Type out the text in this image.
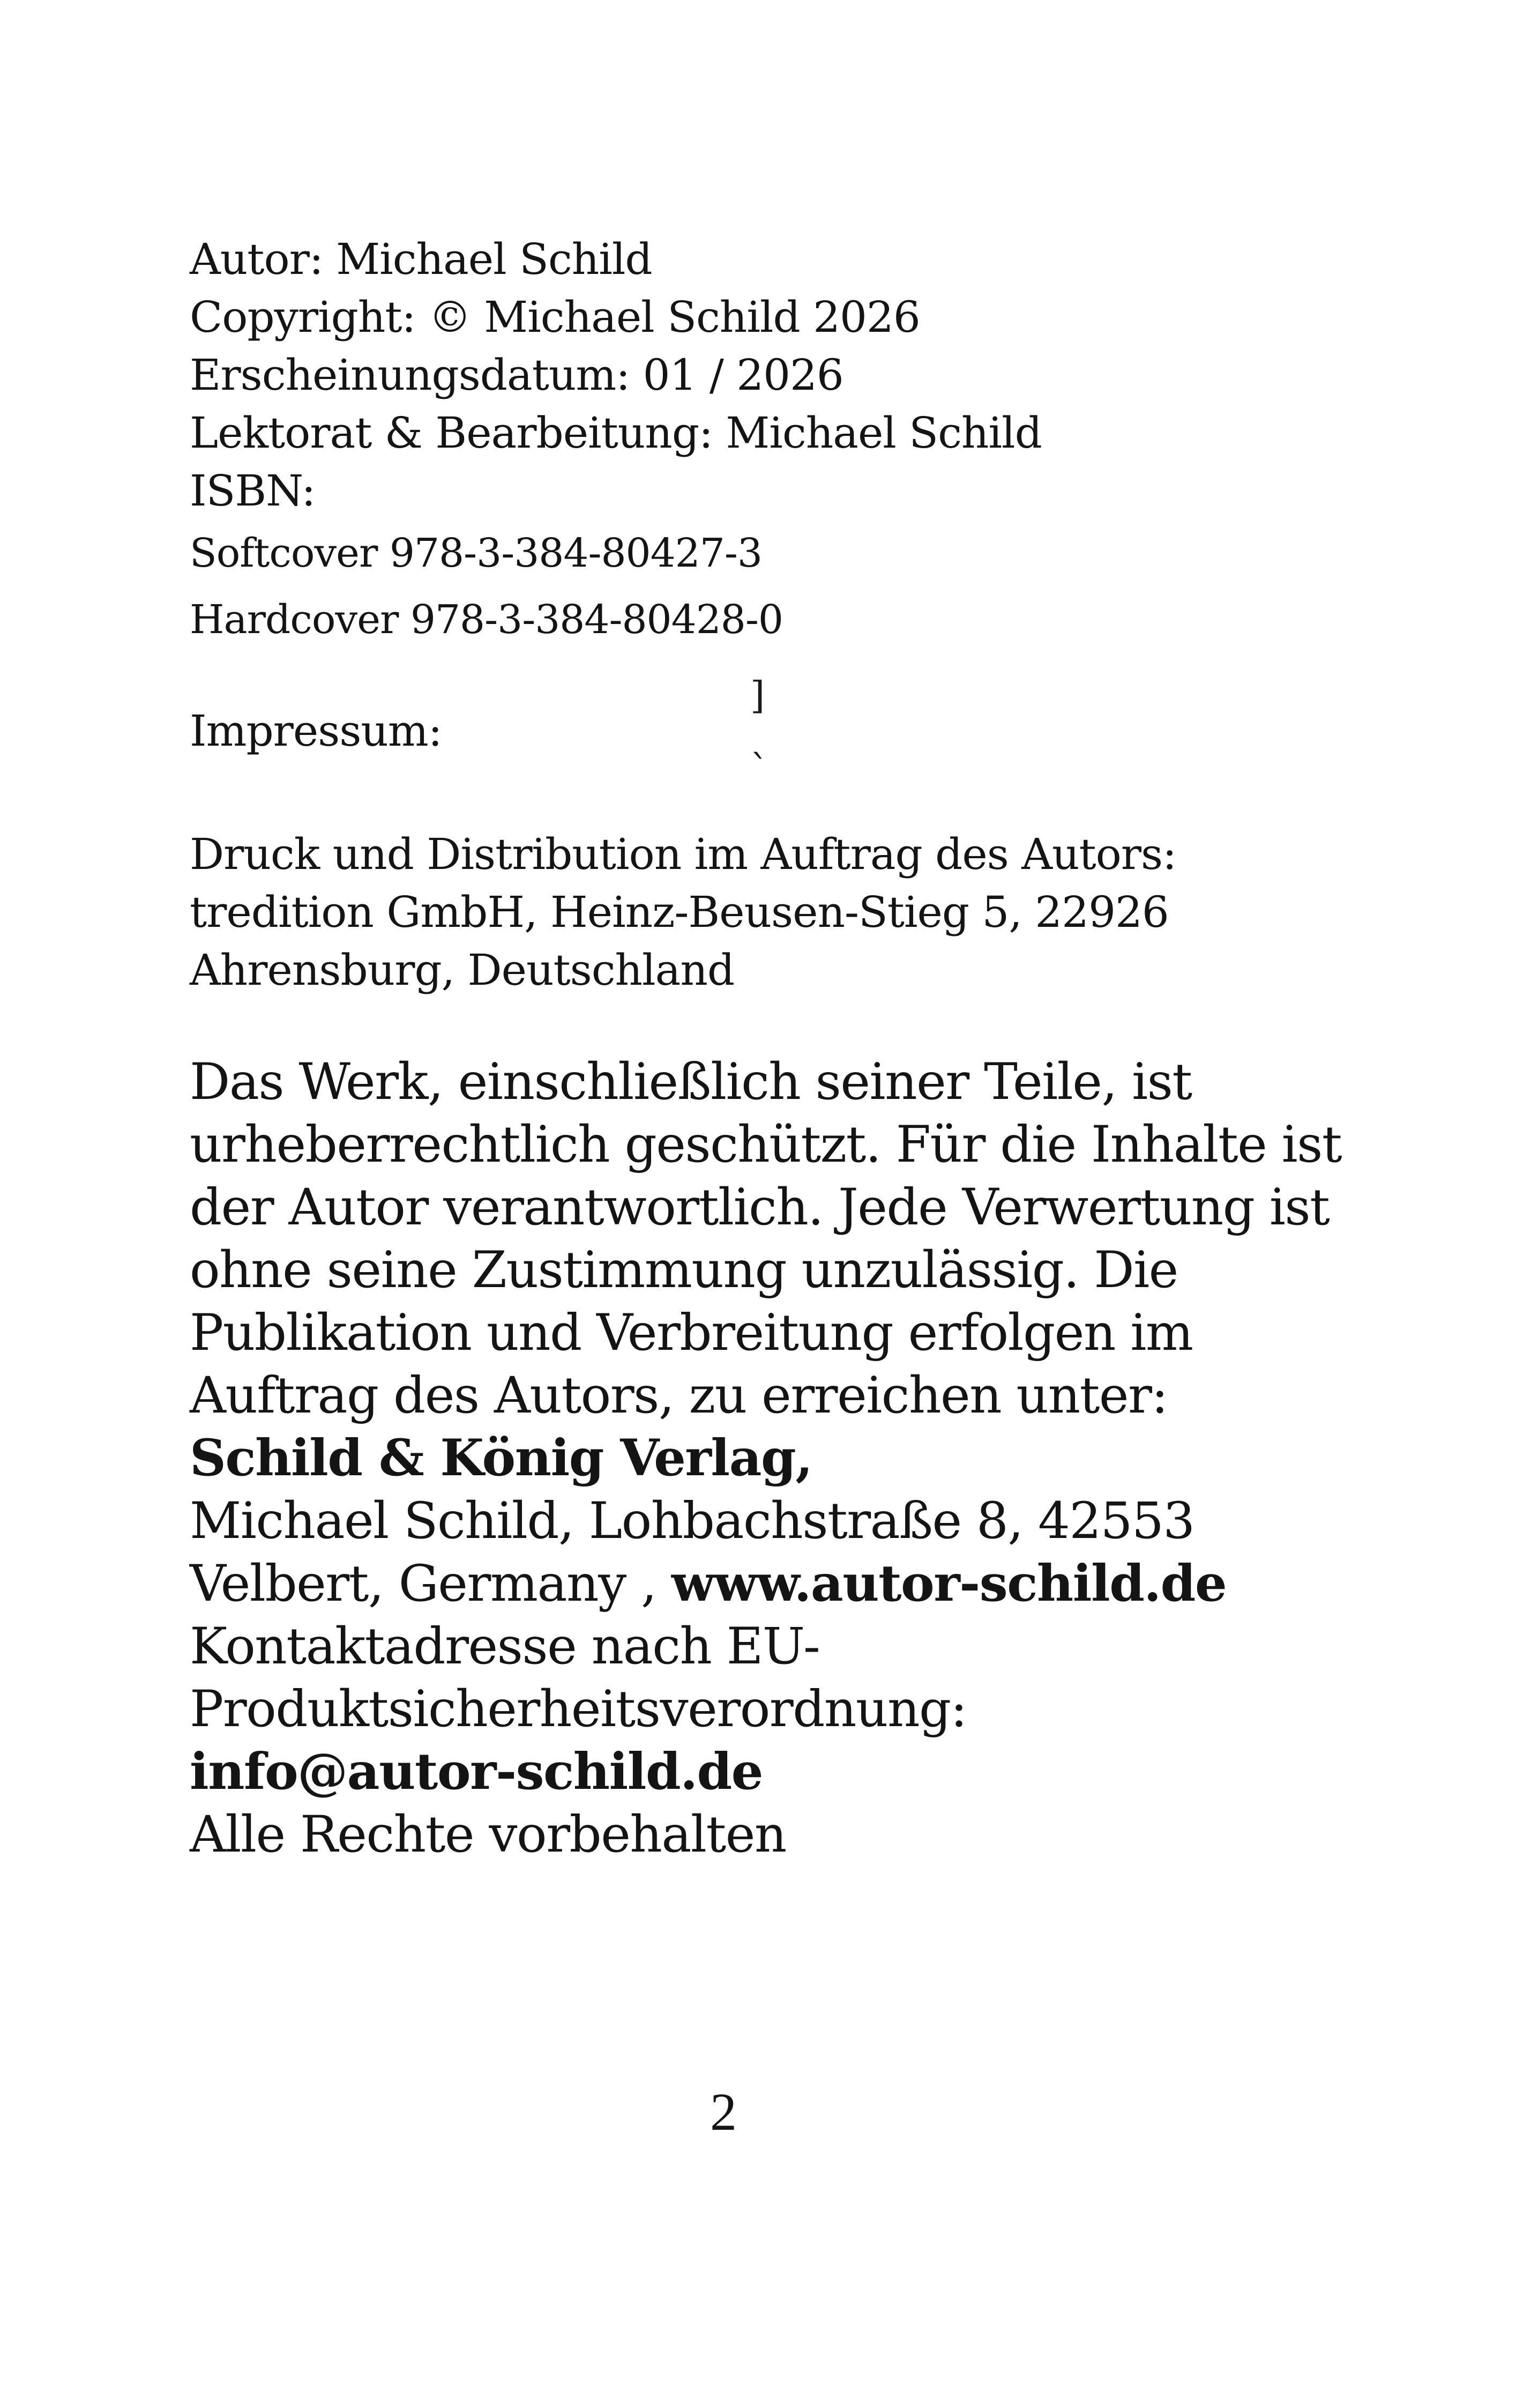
Autor: Michael Schild
Copyright: © Michael Schild 2026
Erscheinungsdatum: 01 / 2026
Lektorat & Bearbeitung: Michael Schild
ISBN:
Softcover 978-3-384-80427-3
Hardcover 978-3-384-80428-0
]
`
Impressum:
Druck und Distribution im Auftrag des Autors:
tredition GmbH, Heinz-Beusen-Stieg 5, 22926
Ahrensburg, Deutschland
Das Werk, einschließlich seiner Teile, ist
urheberrechtlich geschützt. Für die Inhalte ist
der Autor verantwortlich. Jede Verwertung ist
ohne seine Zustimmung unzulässig. Die
Publikation und Verbreitung erfolgen im
Auftrag des Autors, zu erreichen unter:
Schild & König Verlag,
Michael Schild, Lohbachstraße 8, 42553
Velbert, Germany , www.autor-schild.de
Kontaktadresse nach EU-
Produktsicherheitsverordnung:
info@autor-schild.de
Alle Rechte vorbehalten
2
